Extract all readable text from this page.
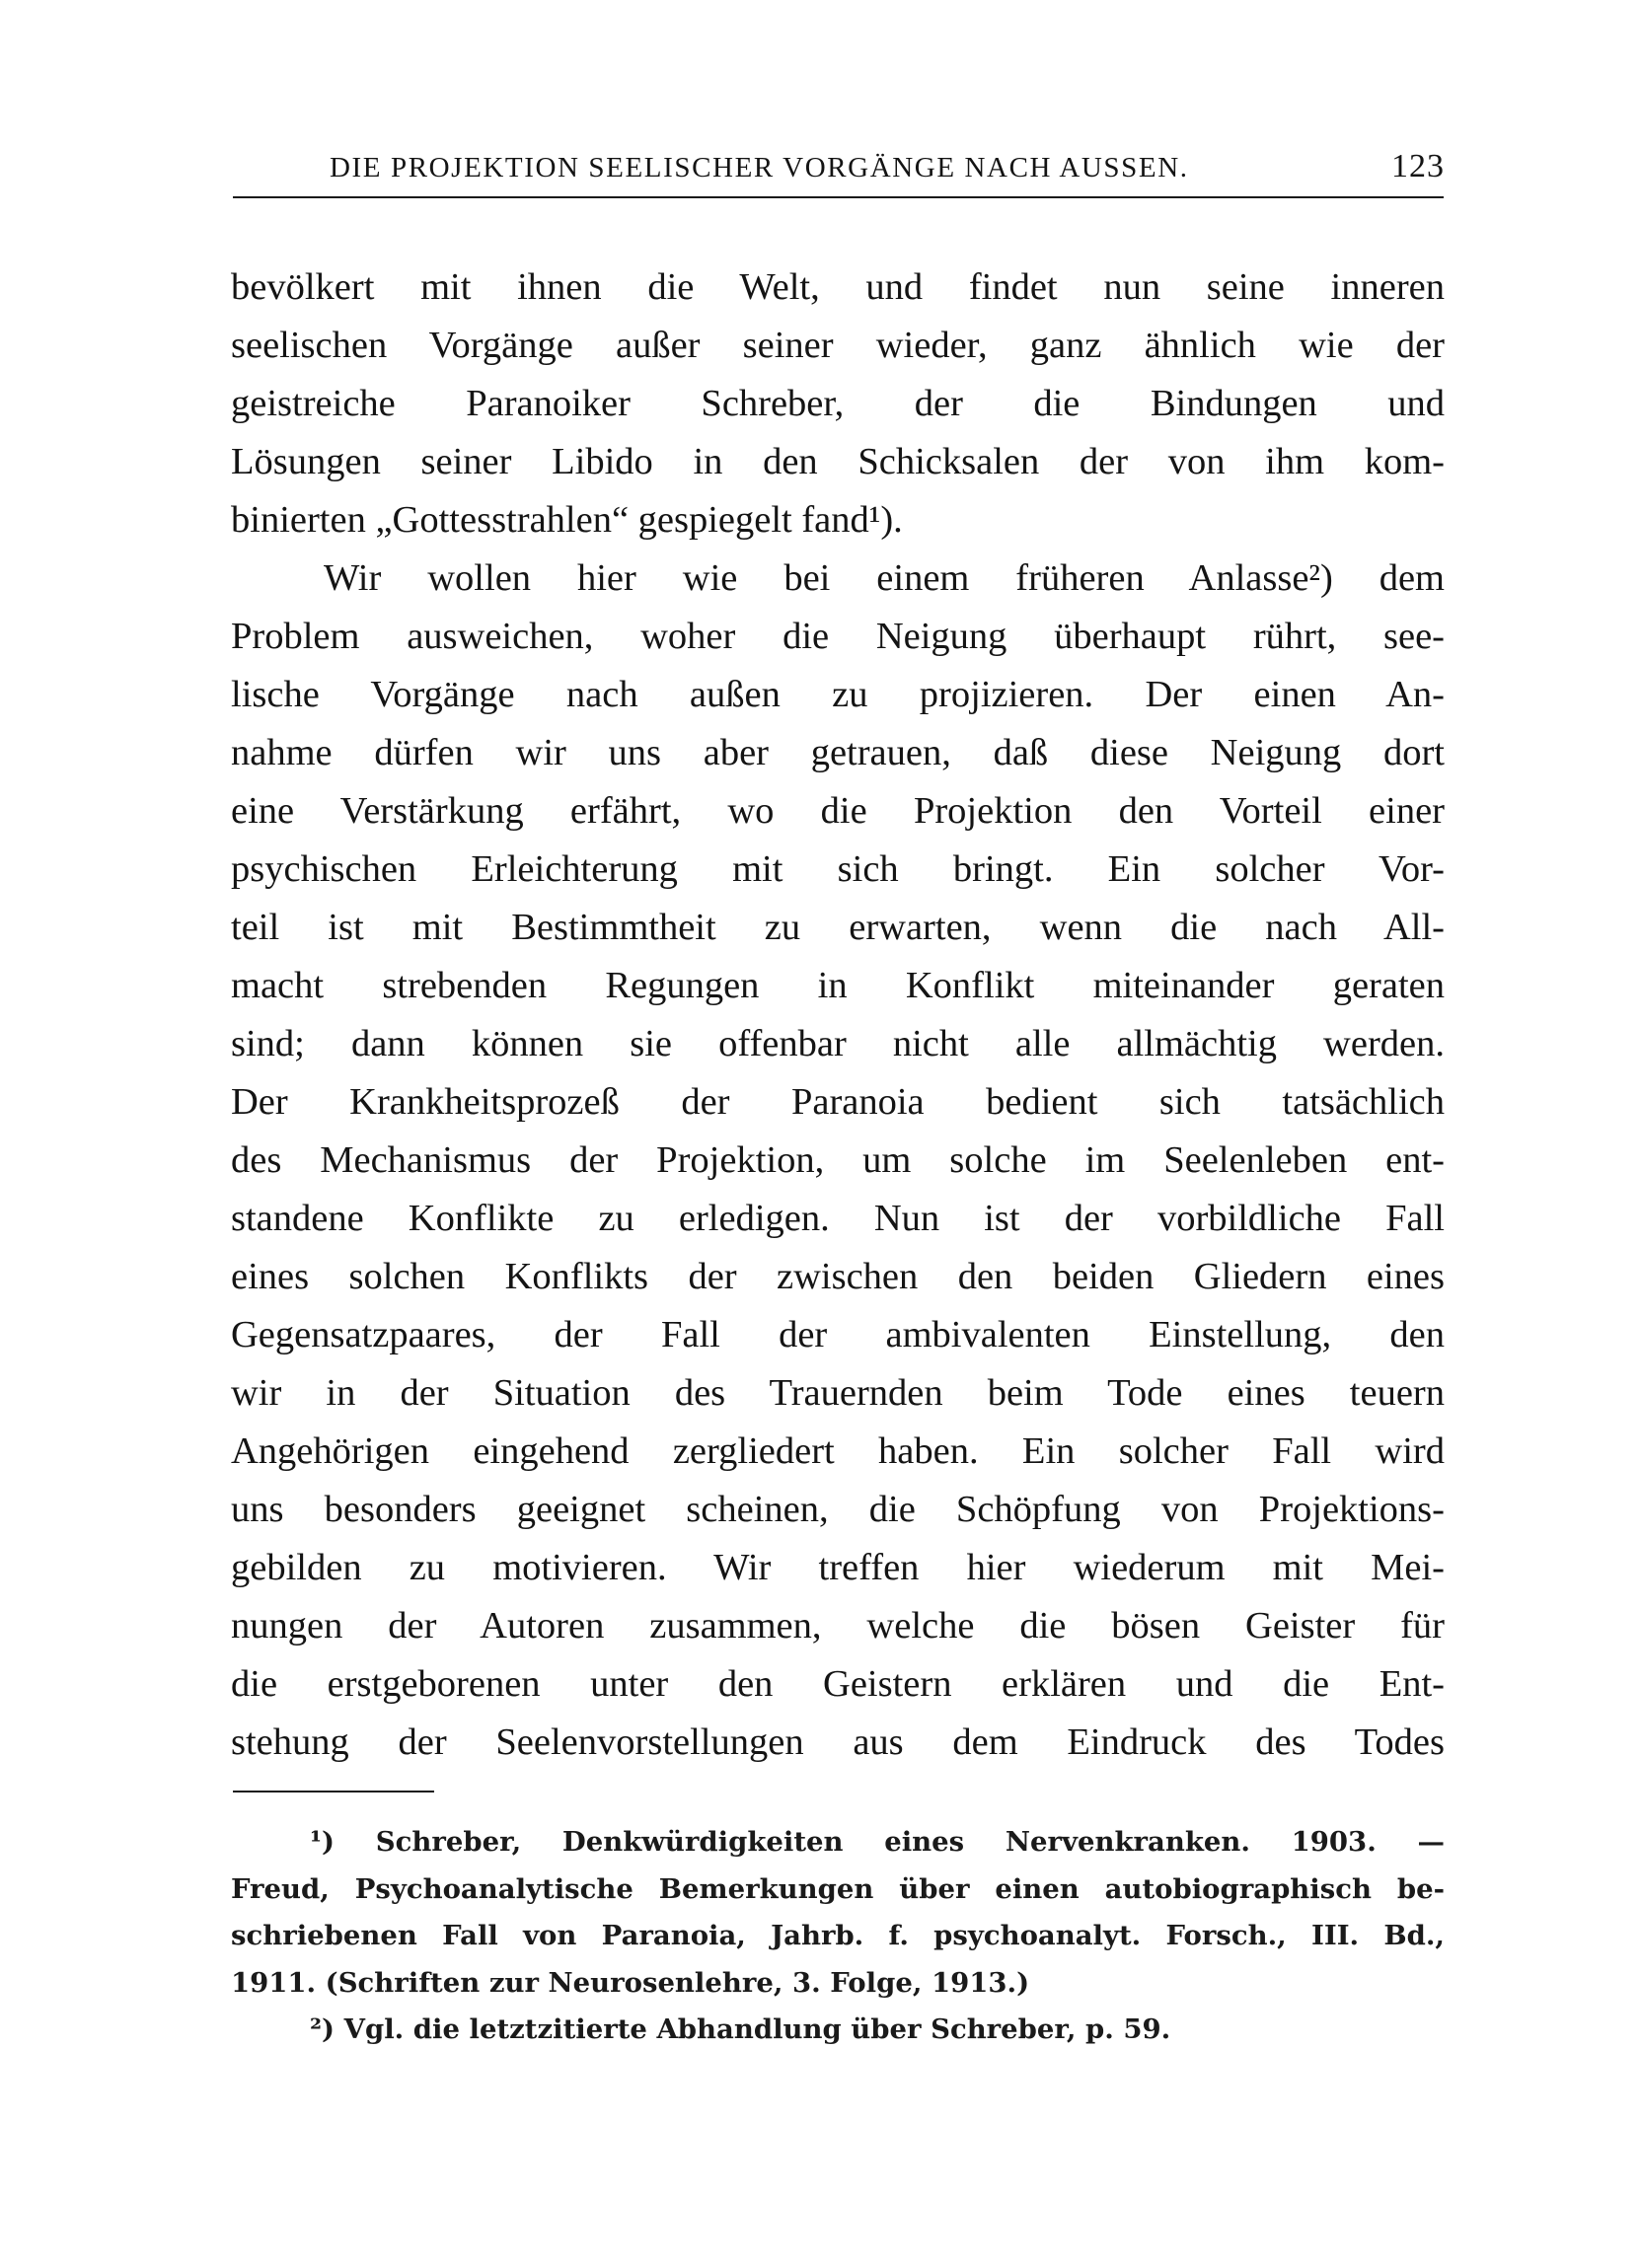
DIE PROJEKTION SEELISCHER VORGÄNGE NACH AUSSEN.	123
bevölkert mit ihnen die Welt, und findet nun seine inneren
seelischen Vorgänge außer seiner wieder, ganz ähnlich wie der
geistreiche Paranoiker Schreber, der die Bindungen und
Lösungen seiner Libido in den Schicksalen der von ihm kom-
binierten „Gottesstrahlen“ gespiegelt fand¹).
Wir wollen hier wie bei einem früheren Anlasse²) dem
Problem ausweichen, woher die Neigung überhaupt rührt, see-
lische Vorgänge nach außen zu projizieren. Der einen An-
nahme dürfen wir uns aber getrauen, daß diese Neigung dort
eine Verstärkung erfährt, wo die Projektion den Vorteil einer
psychischen Erleichterung mit sich bringt. Ein solcher Vor-
teil ist mit Bestimmtheit zu erwarten, wenn die nach All-
macht strebenden Regungen in Konflikt miteinander geraten
sind; dann können sie offenbar nicht alle allmächtig werden.
Der Krankheitsprozeß der Paranoia bedient sich tatsächlich
des Mechanismus der Projektion, um solche im Seelenleben ent-
standene Konflikte zu erledigen. Nun ist der vorbildliche Fall
eines solchen Konflikts der zwischen den beiden Gliedern eines
Gegensatzpaares, der Fall der ambivalenten Einstellung, den
wir in der Situation des Trauernden beim Tode eines teuern
Angehörigen eingehend zergliedert haben. Ein solcher Fall wird
uns besonders geeignet scheinen, die Schöpfung von Projektions-
gebilden zu motivieren. Wir treffen hier wiederum mit Mei-
nungen der Autoren zusammen, welche die bösen Geister für
die erstgeborenen unter den Geistern erklären und die Ent-
stehung der Seelenvorstellungen aus dem Eindruck des Todes
¹) Schreber, Denkwürdigkeiten eines Nervenkranken. 1903. —
Freud, Psychoanalytische Bemerkungen über einen autobiographisch be-
schriebenen Fall von Paranoia, Jahrb. f. psychoanalyt. Forsch., III. Bd.,
1911. (Schriften zur Neurosenlehre, 3. Folge, 1913.)
²) Vgl. die letztzitierte Abhandlung über Schreber, p. 59.
